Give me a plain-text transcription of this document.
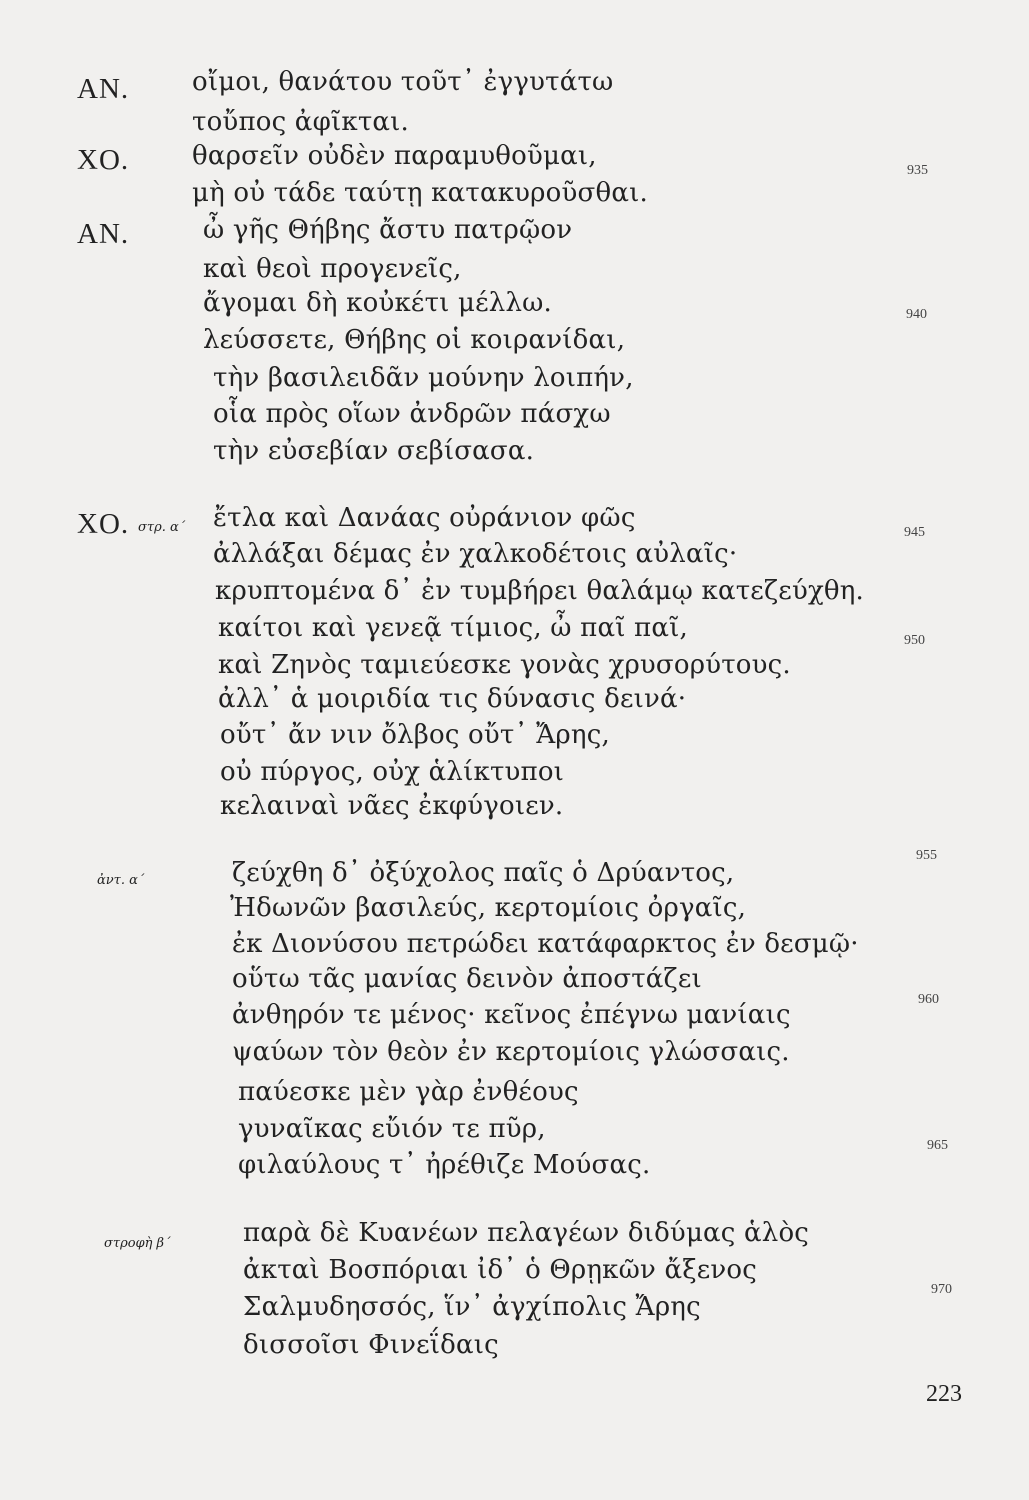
ΑΝ.
ΧΟ.
ΑΝ.
ΧΟ. στρ. α΄
ἀντ. α΄
στροφὴ β΄
οἴμοι, θανάτου τοῦτ᾽ ἐγγυτάτω
τοὔπος ἀφῖκται.
θαρσεῖν οὐδὲν παραμυθοῦμαι,
μὴ οὐ τάδε ταύτῃ κατακυροῦσθαι.
ὦ γῆς Θήβης ἄστυ πατρῷον
καὶ θεοὶ προγενεῖς,
ἄγομαι δὴ κοὐκέτι μέλλω.
λεύσσετε, Θήβης οἱ κοιρανίδαι,
τὴν βασιλειδᾶν μούνην λοιπήν,
οἷα πρὸς οἵων ἀνδρῶν πάσχω
τὴν εὐσεβίαν σεβίσασα.
ἔτλα καὶ Δανάας οὐράνιον φῶς
ἀλλάξαι δέμας ἐν χαλκοδέτοις αὐλαῖς·
κρυπτομένα δ᾽ ἐν τυμβήρει θαλάμῳ κατεζεύχθη.
καίτοι καὶ γενεᾷ τίμιος, ὦ παῖ παῖ,
καὶ Ζηνὸς ταμιεύεσκε γονὰς χρυσορύτους.
ἀλλ᾽ ἁ μοιριδία τις δύνασις δεινά·
οὔτ᾽ ἄν νιν ὄλβος οὔτ᾽ Ἄρης,
οὐ πύργος, οὐχ ἁλίκτυποι
κελαιναὶ νᾶες ἐκφύγοιεν.
ζεύχθη δ᾽ ὀξύχολος παῖς ὁ Δρύαντος,
Ἠδωνῶν βασιλεύς, κερτομίοις ὀργαῖς,
ἐκ Διονύσου πετρώδει κατάφαρκτος ἐν δεσμῷ·
οὕτω τᾶς μανίας δεινὸν ἀποστάζει
ἀνθηρόν τε μένος· κεῖνος ἐπέγνω μανίαις
ψαύων τὸν θεὸν ἐν κερτομίοις γλώσσαις.
παύεσκε μὲν γὰρ ἐνθέους
γυναῖκας εὔιόν τε πῦρ,
φιλαύλους τ᾽ ἠρέθιζε Μούσας.
παρὰ δὲ Κυανέων πελαγέων διδύμας ἁλὸς
ἀκταὶ Βοσπόριαι ἰδ᾽ ὁ Θρῃκῶν ἄξενος
Σαλμυδησσός, ἵν᾽ ἀγχίπολις Ἄρης
δισσοῖσι Φινεΐδαις
935
940
945
950
955
960
965
970
223
